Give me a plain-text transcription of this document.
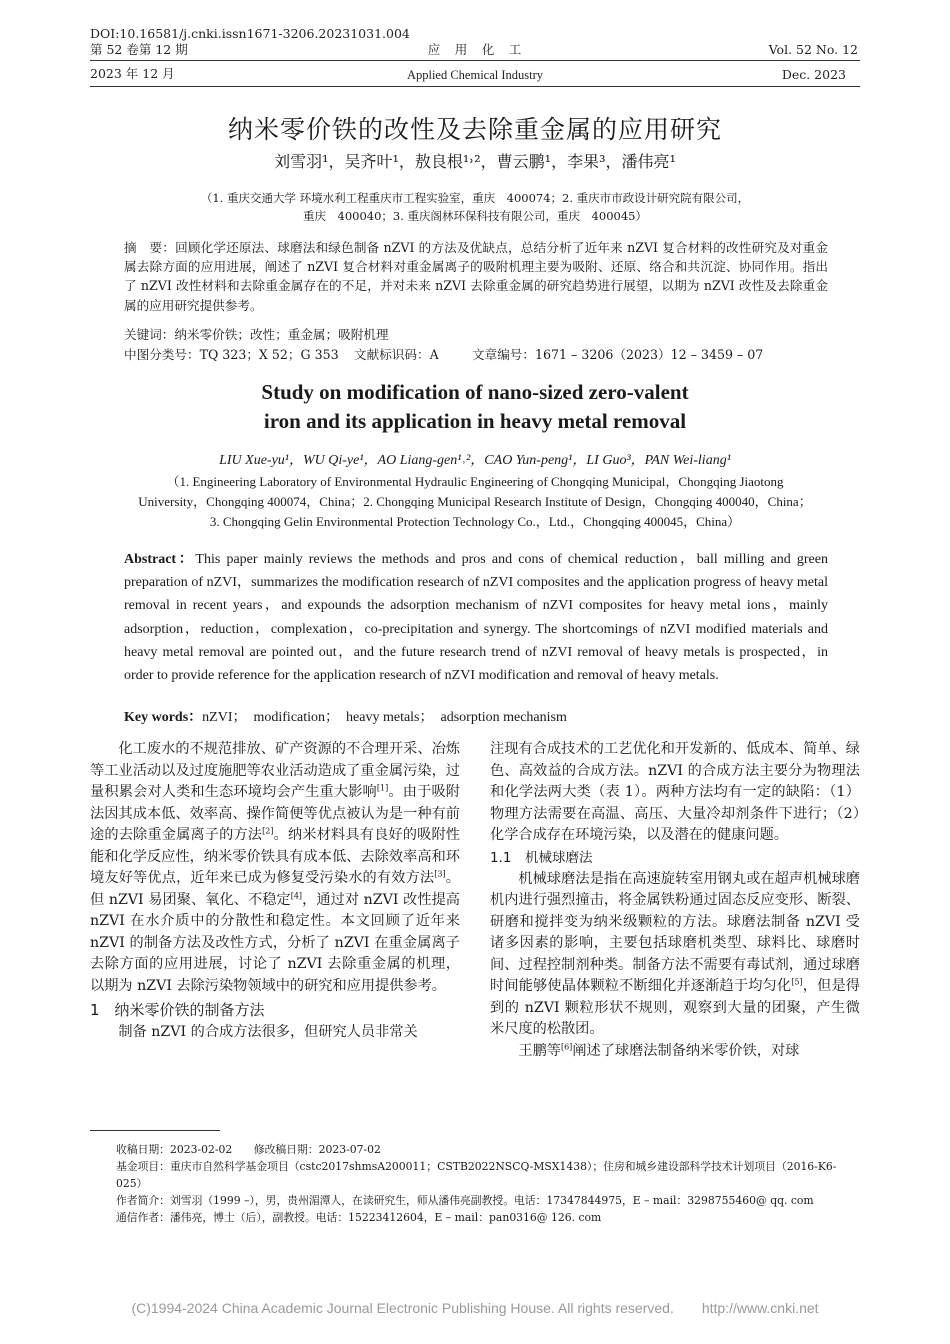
DOI:10.16581/j.cnki.issn1671-3206.20231031.004
第 52 卷第 12 期	应　用　化　工	Vol. 52 No. 12
2023 年 12 月	Applied Chemical Industry	Dec. 2023
纳米零价铁的改性及去除重金属的应用研究
刘雪羽¹，吴齐叶¹，敖良根¹˒²，曹云鹏¹，李果³，潘伟亮¹
（1. 重庆交通大学 环境水利工程重庆市工程实验室，重庆　400074；2. 重庆市市政设计研究院有限公司，
重庆　400040；3. 重庆阁林环保科技有限公司，重庆　400045）
摘　要：回顾化学还原法、球磨法和绿色制备 nZVI 的方法及优缺点，总结分析了近年来 nZVI 复合材料的改性研究及对重金属去除方面的应用进展，阐述了 nZVI 复合材料对重金属离子的吸附机理主要为吸附、还原、络合和共沉淀、协同作用。指出了 nZVI 改性材料和去除重金属存在的不足，并对未来 nZVI 去除重金属的研究趋势进行展望，以期为 nZVI 改性及去除重金属的应用研究提供参考。
关键词：纳米零价铁；改性；重金属；吸附机理
中图分类号：TQ 323；X 52；G 353 文献标识码：A	文章编号：1671 – 3206（2023）12 – 3459 – 07
Study on modification of nano-sized zero-valent
iron and its application in heavy metal removal
LIU Xue-yu¹，WU Qi-ye¹，AO Liang-gen¹˒²，CAO Yun-peng¹，LI Guo³，PAN Wei-liang¹
（1. Engineering Laboratory of Environmental Hydraulic Engineering of Chongqing Municipal，Chongqing Jiaotong
University，Chongqing 400074，China；2. Chongqing Municipal Research Institute of Design，Chongqing 400040，China；
3. Chongqing Gelin Environmental Protection Technology Co.，Ltd.，Chongqing 400045，China）
Abstract：This paper mainly reviews the methods and pros and cons of chemical reduction，ball milling and green preparation of nZVI，summarizes the modification research of nZVI composites and the application progress of heavy metal removal in recent years，and expounds the adsorption mechanism of nZVI composites for heavy metal ions，mainly adsorption，reduction，complexation，co-precipitation and synergy. The shortcomings of nZVI modified materials and heavy metal removal are pointed out，and the future research trend of nZVI removal of heavy metals is prospected，in order to provide reference for the application research of nZVI modification and removal of heavy metals.
Key words：nZVI；　modification；　heavy metals；　adsorption mechanism

化工废水的不规范排放、矿产资源的不合理开采、冶炼等工业活动以及过度施肥等农业活动造成了重金属污染，过量积累会对人类和生态环境均会产生重大影响[1]。由于吸附法因其成本低、效率高、操作简便等优点被认为是一种有前途的去除重金属离子的方法[2]。纳米材料具有良好的吸附性能和化学反应性，纳米零价铁具有成本低、去除效率高和环境友好等优点，近年来已成为修复受污染水的有效方法[3]。但 nZVI 易团聚、氧化、不稳定[4]，通过对 nZVI 改性提高 nZVI 在水介质中的分散性和稳定性。本文回顾了近年来 nZVI 的制备方法及改性方式，分析了 nZVI 在重金属离子去除方面的应用进展，讨论了 nZVI 去除重金属的机理，以期为 nZVI 去除污染物领域中的研究和应用提供参考。

1　纳米零价铁的制备方法

制备 nZVI 的合成方法很多，但研究人员非常关

注现有合成技术的工艺优化和开发新的、低成本、简单、绿色、高效益的合成方法。nZVI 的合成方法主要分为物理法和化学法两大类（表 1）。两种方法均有一定的缺陷：（1）物理方法需要在高温、高压、大量冷却剂条件下进行；（2）化学合成存在环境污染，以及潜在的健康问题。

1.1　机械球磨法

机械球磨法是指在高速旋转室用钢丸或在超声机械球磨机内进行强烈撞击，将金属铁粉通过固态反应变形、断裂、研磨和搅拌变为纳米级颗粒的方法。球磨法制备 nZVI 受诸多因素的影响，主要包括球磨机类型、球料比、球磨时间、过程控制剂种类。制备方法不需要有毒试剂，通过球磨时间能够使晶体颗粒不断细化并逐渐趋于均匀化[5]，但是得到的 nZVI 颗粒形状不规则，观察到大量的团聚，产生微米尺度的松散团。

王鹏等[6]阐述了球磨法制备纳米零价铁，对球

收稿日期：2023-02-02　　修改稿日期：2023-07-02
基金项目：重庆市自然科学基金项目（cstc2017shmsA200011；CSTB2022NSCQ-MSX1438）；住房和城乡建设部科学技术计划项目（2016-K6-025）
作者简介：刘雪羽（1999 –），男，贵州湄潭人，在读研究生，师从潘伟亮副教授。电话：17347844975，E – mail：3298755460@ qq. com
通信作者：潘伟亮，博士（后），副教授。电话：15223412604，E – mail：pan0316@ 126. com
(C)1994-2024 China Academic Journal Electronic Publishing House. All rights reserved.　　http://www.cnki.net
